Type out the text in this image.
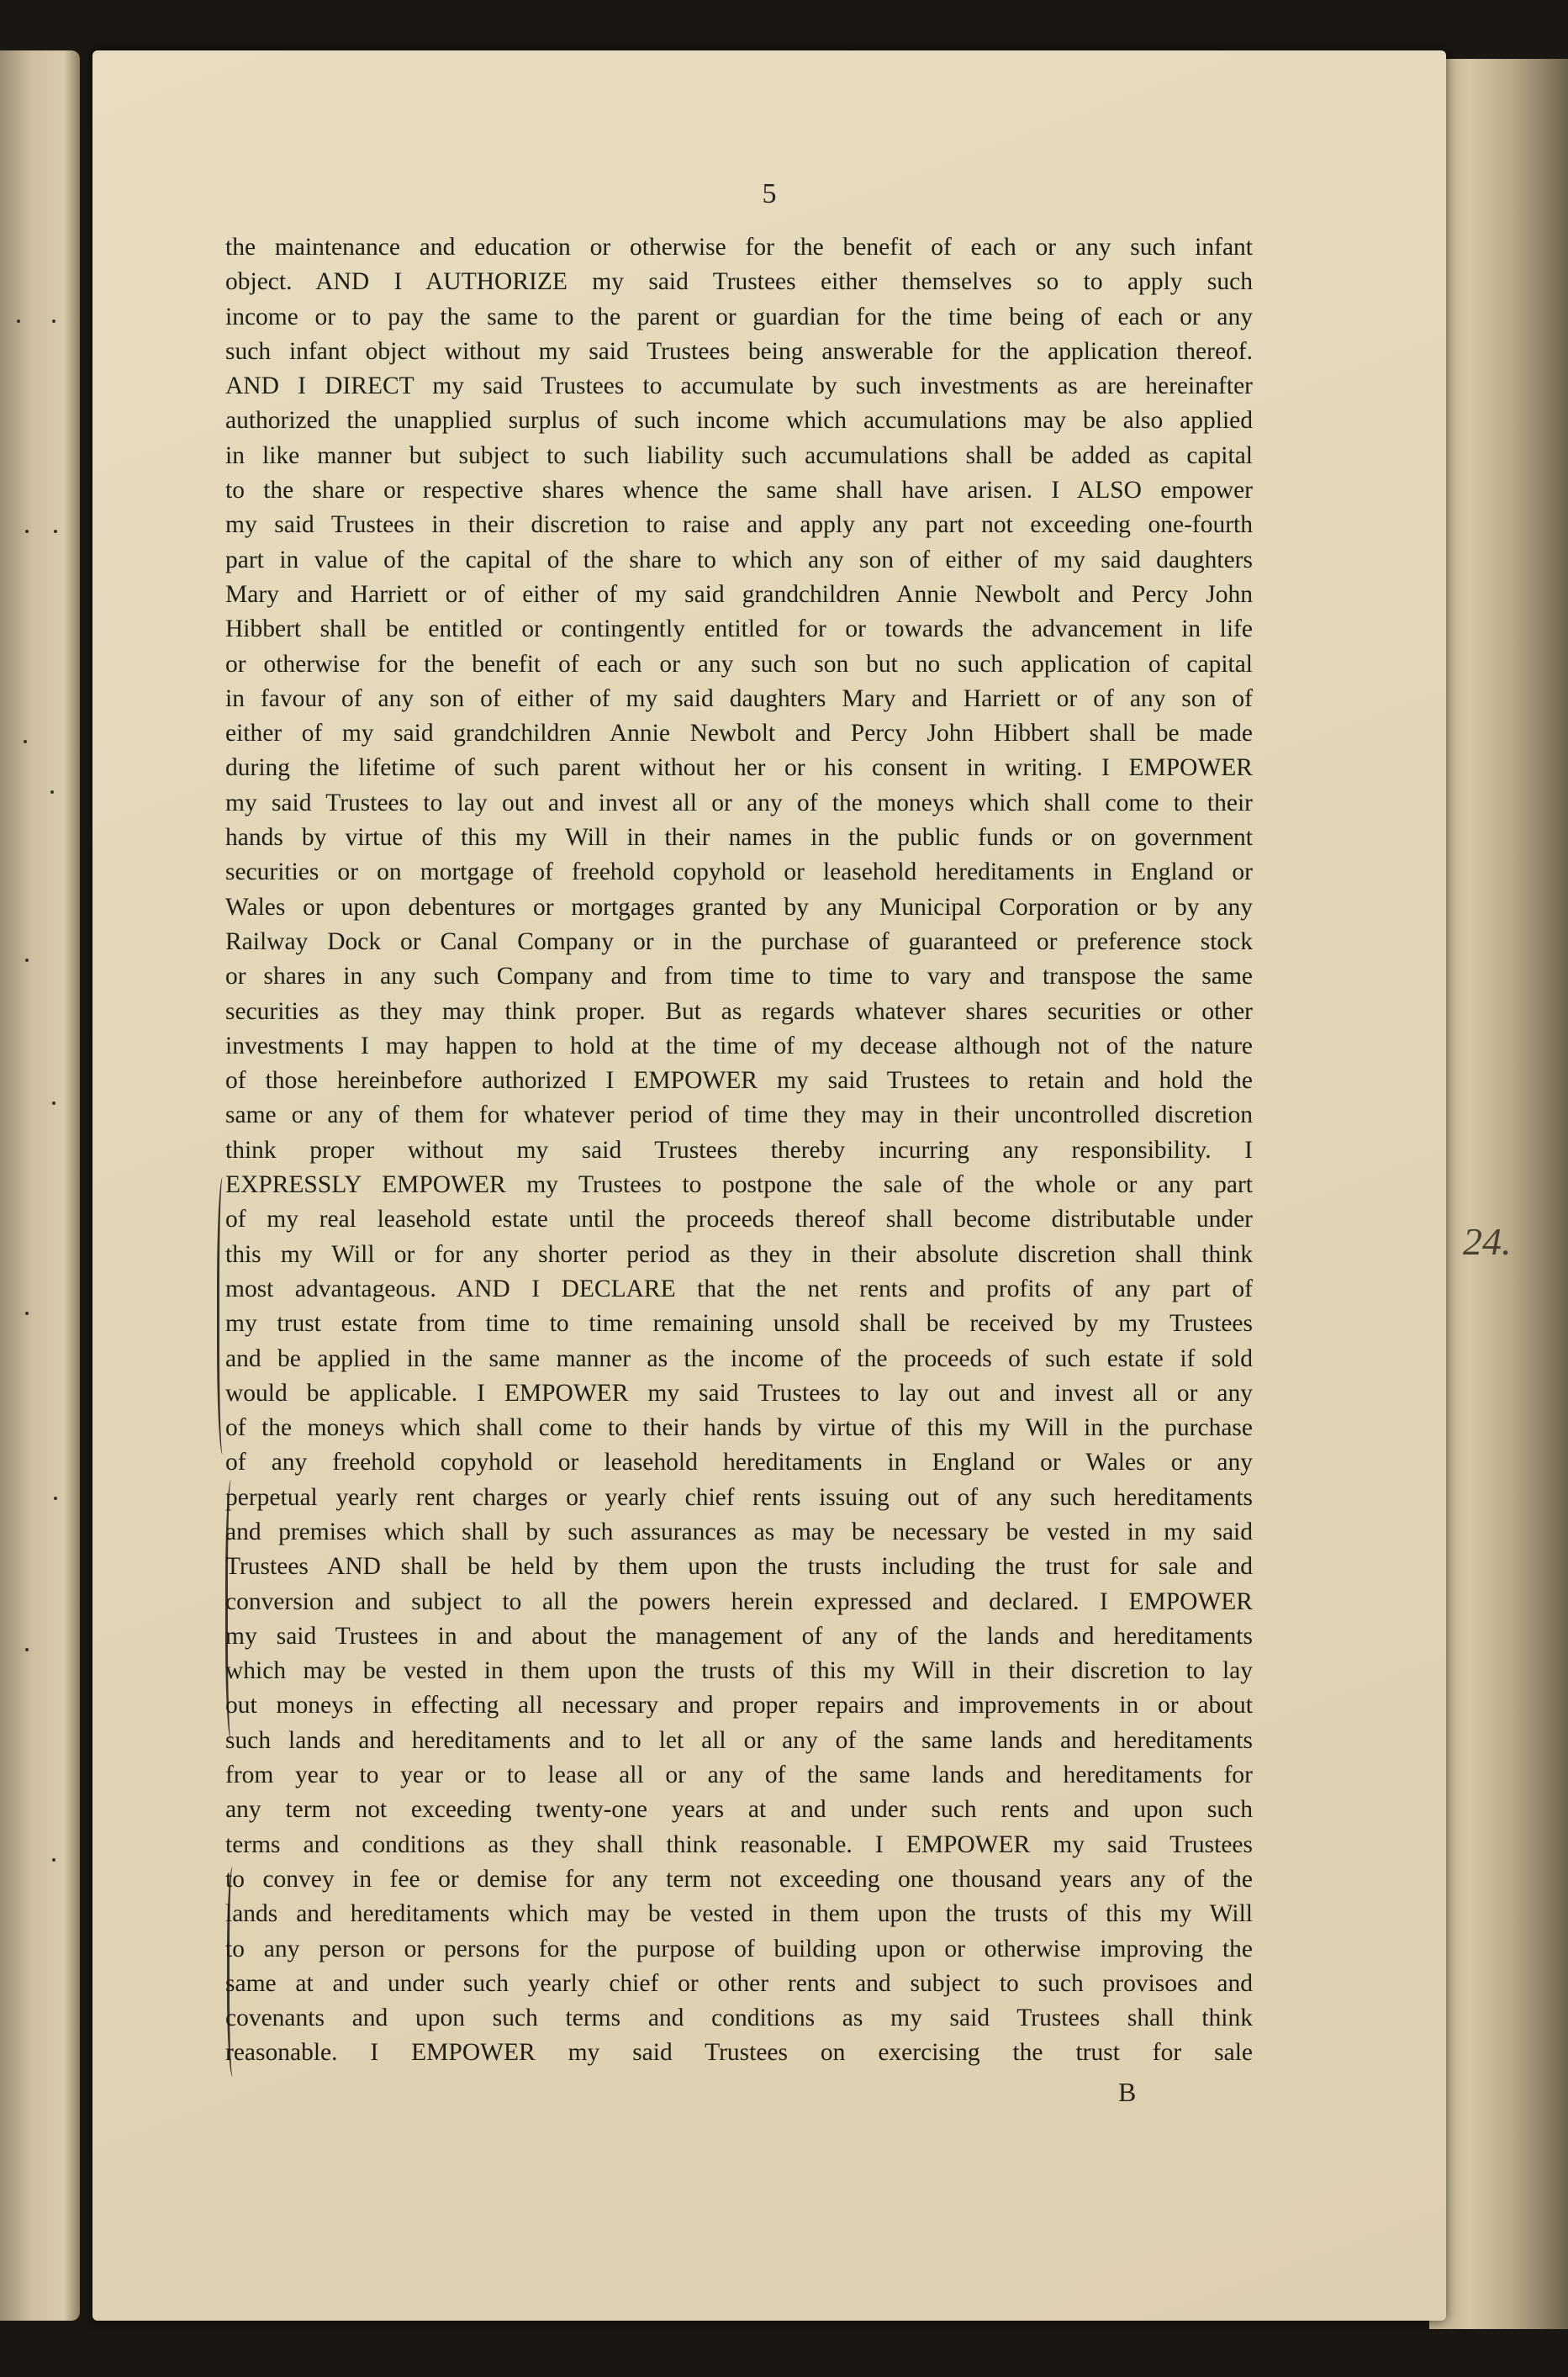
24.
5
the maintenance and education or otherwise for the benefit of each or any such infant
object. AND I AUTHORIZE my said Trustees either themselves so to apply such
income or to pay the same to the parent or guardian for the time being of each or any
such infant object without my said Trustees being answerable for the application thereof.
AND I DIRECT my said Trustees to accumulate by such investments as are hereinafter
authorized the unapplied surplus of such income which accumulations may be also applied
in like manner but subject to such liability such accumulations shall be added as capital
to the share or respective shares whence the same shall have arisen. I ALSO empower
my said Trustees in their discretion to raise and apply any part not exceeding one-fourth
part in value of the capital of the share to which any son of either of my said daughters
Mary and Harriett or of either of my said grandchildren Annie Newbolt and Percy John
Hibbert shall be entitled or contingently entitled for or towards the advancement in life
or otherwise for the benefit of each or any such son but no such application of capital
in favour of any son of either of my said daughters Mary and Harriett or of any son of
either of my said grandchildren Annie Newbolt and Percy John Hibbert shall be made
during the lifetime of such parent without her or his consent in writing. I EMPOWER
my said Trustees to lay out and invest all or any of the moneys which shall come to their
hands by virtue of this my Will in their names in the public funds or on government
securities or on mortgage of freehold copyhold or leasehold hereditaments in England or
Wales or upon debentures or mortgages granted by any Municipal Corporation or by any
Railway Dock or Canal Company or in the purchase of guaranteed or preference stock
or shares in any such Company and from time to time to vary and transpose the same
securities as they may think proper. But as regards whatever shares securities or other
investments I may happen to hold at the time of my decease although not of the nature
of those hereinbefore authorized I EMPOWER my said Trustees to retain and hold the
same or any of them for whatever period of time they may in their uncontrolled discretion
think proper without my said Trustees thereby incurring any responsibility. I
EXPRESSLY EMPOWER my Trustees to postpone the sale of the whole or any part
of my real leasehold estate until the proceeds thereof shall become distributable under
this my Will or for any shorter period as they in their absolute discretion shall think
most advantageous. AND I DECLARE that the net rents and profits of any part of
my trust estate from time to time remaining unsold shall be received by my Trustees
and be applied in the same manner as the income of the proceeds of such estate if sold
would be applicable. I EMPOWER my said Trustees to lay out and invest all or any
of the moneys which shall come to their hands by virtue of this my Will in the purchase
of any freehold copyhold or leasehold hereditaments in England or Wales or any
perpetual yearly rent charges or yearly chief rents issuing out of any such hereditaments
and premises which shall by such assurances as may be necessary be vested in my said
Trustees AND shall be held by them upon the trusts including the trust for sale and
conversion and subject to all the powers herein expressed and declared. I EMPOWER
my said Trustees in and about the management of any of the lands and hereditaments
which may be vested in them upon the trusts of this my Will in their discretion to lay
out moneys in effecting all necessary and proper repairs and improvements in or about
such lands and hereditaments and to let all or any of the same lands and hereditaments
from year to year or to lease all or any of the same lands and hereditaments for
any term not exceeding twenty-one years at and under such rents and upon such
terms and conditions as they shall think reasonable. I EMPOWER my said Trustees
to convey in fee or demise for any term not exceeding one thousand years any of the
lands and hereditaments which may be vested in them upon the trusts of this my Will
to any person or persons for the purpose of building upon or otherwise improving the
same at and under such yearly chief or other rents and subject to such provisoes and
covenants and upon such terms and conditions as my said Trustees shall think
reasonable. I EMPOWER my said Trustees on exercising the trust for sale
B
